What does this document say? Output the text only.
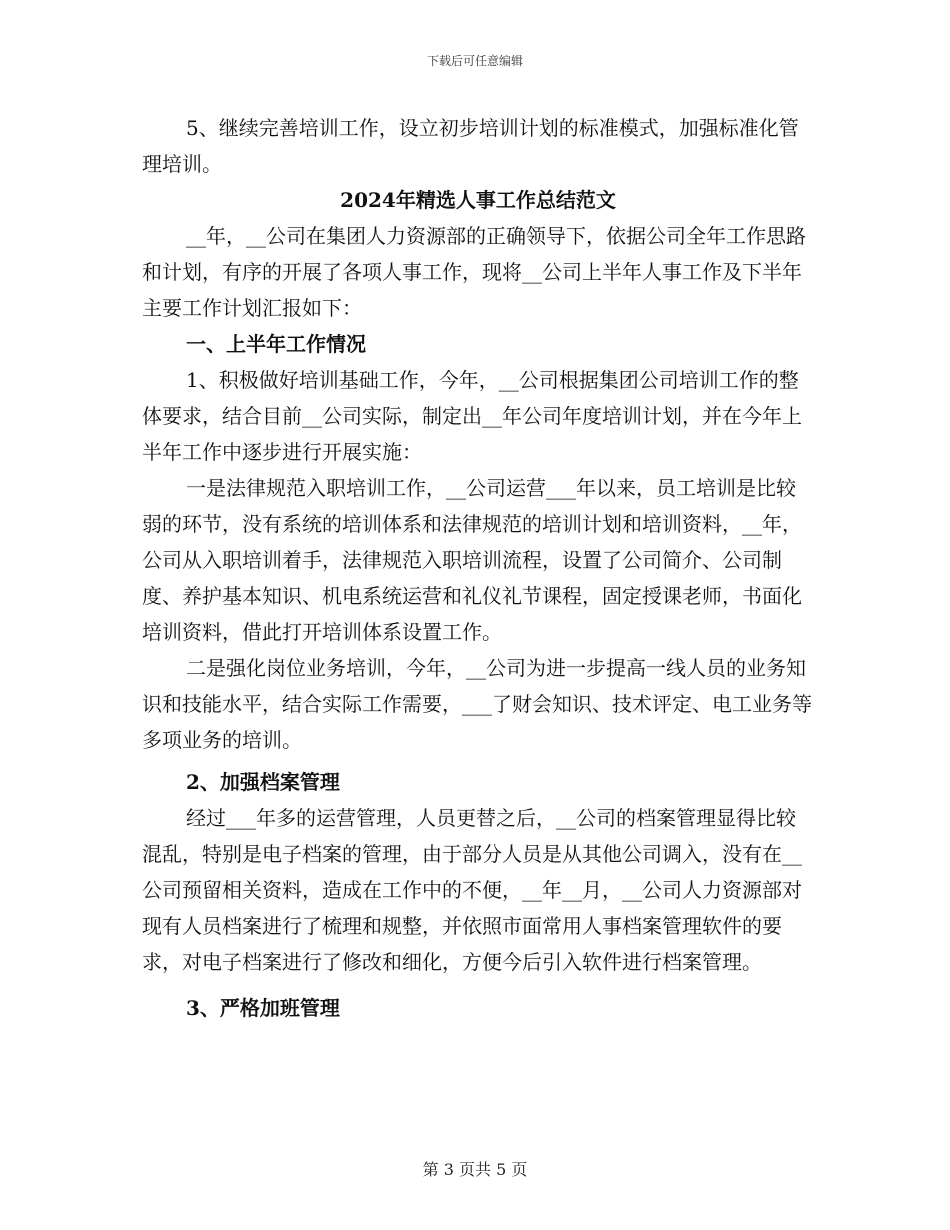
下载后可任意编辑

5、继续完善培训工作，设立初步培训计划的标准模式，加强标准化管理培训。

2024年精选人事工作总结范文

__年，__公司在集团人力资源部的正确领导下，依据公司全年工作思路和计划，有序的开展了各项人事工作，现将__公司上半年人事工作及下半年主要工作计划汇报如下：

一、上半年工作情况

1、积极做好培训基础工作，今年，__公司根据集团公司培训工作的整体要求，结合目前__公司实际，制定出__年公司年度培训计划，并在今年上半年工作中逐步进行开展实施：

一是法律规范入职培训工作，__公司运营___年以来，员工培训是比较弱的环节，没有系统的培训体系和法律规范的培训计划和培训资料，__年，公司从入职培训着手，法律规范入职培训流程，设置了公司简介、公司制度、养护基本知识、机电系统运营和礼仪礼节课程，固定授课老师，书面化培训资料，借此打开培训体系设置工作。

二是强化岗位业务培训，今年，__公司为进一步提高一线人员的业务知识和技能水平，结合实际工作需要，___了财会知识、技术评定、电工业务等多项业务的培训。

2、加强档案管理

经过___年多的运营管理，人员更替之后，__公司的档案管理显得比较混乱，特别是电子档案的管理，由于部分人员是从其他公司调入，没有在__公司预留相关资料，造成在工作中的不便，__年__月，__公司人力资源部对现有人员档案进行了梳理和规整，并依照市面常用人事档案管理软件的要求，对电子档案进行了修改和细化，方便今后引入软件进行档案管理。

3、严格加班管理

第 3 页共 5 页
